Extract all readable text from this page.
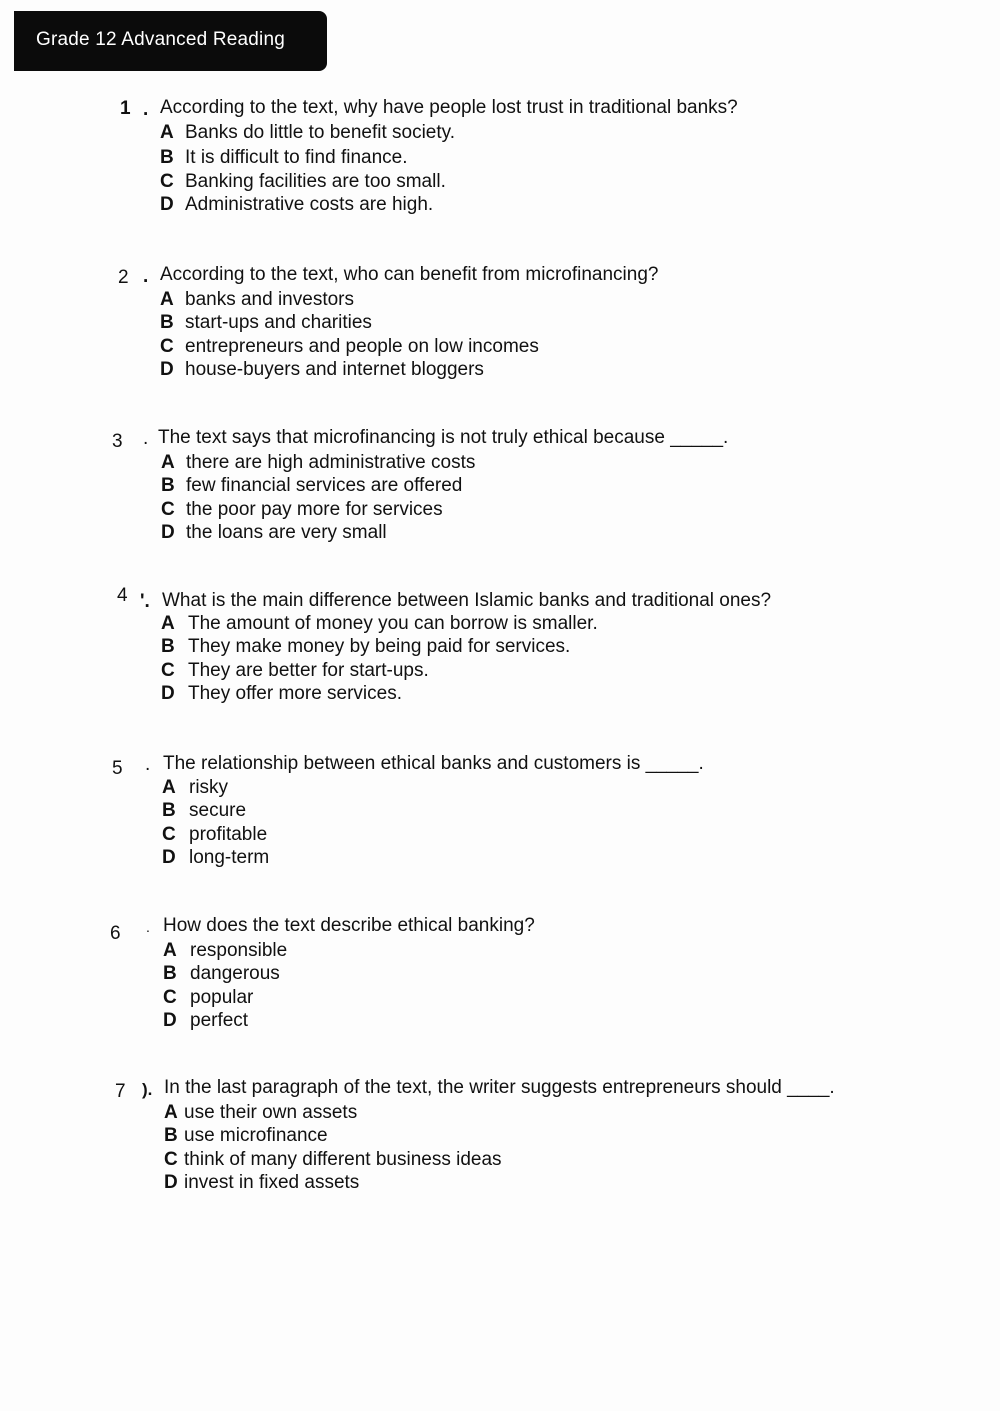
Grade 12 Advanced Reading
1 . According to the text, why have people lost trust in traditional banks?
A Banks do little to benefit society.
B It is difficult to find finance.
C Banking facilities are too small.
D Administrative costs are high.
2 . According to the text, who can benefit from microfinancing?
A banks and investors
B start-ups and charities
C entrepreneurs and people on low incomes
D house-buyers and internet bloggers
3 . The text says that microfinancing is not truly ethical because _____.
A there are high administrative costs
B few financial services are offered
C the poor pay more for services
D the loans are very small
4 '. What is the main difference between Islamic banks and traditional ones?
A The amount of money you can borrow is smaller.
B They make money by being paid for services.
C They are better for start-ups.
D They offer more services.
5 . The relationship between ethical banks and customers is _____.
A risky
B secure
C profitable
D long-term
6 . How does the text describe ethical banking?
A responsible
B dangerous
C popular
D perfect
7 ). In the last paragraph of the text, the writer suggests entrepreneurs should ____.
A use their own assets
B use microfinance
C think of many different business ideas
D invest in fixed assets
